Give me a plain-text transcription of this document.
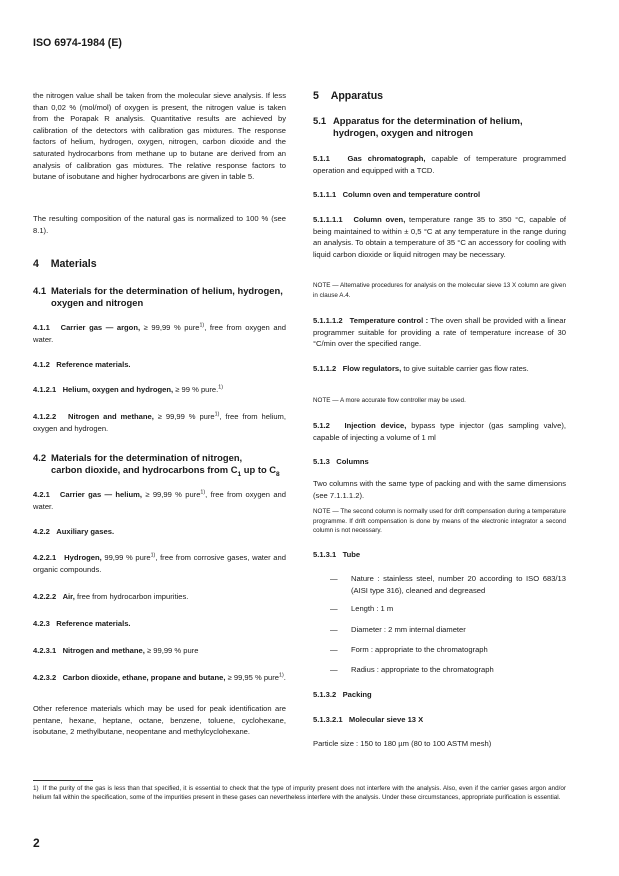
ISO 6974-1984 (E)

the nitrogen value shall be taken from the molecular sieve analysis. If less than 0,02 % (mol/mol) of oxygen is present, the nitrogen value is taken from the Porapak R analysis. Quantitative results are achieved by calibration of the detectors with calibration gas mixtures. The response factors of helium, hydrogen, oxygen, nitrogen, carbon dioxide and the saturated hydrocarbons from methane up to butane are derived from an analysis of calibration gas mixtures. The relative response factors to butane of isobutane and higher hydrocarbons are given in table 5.

The resulting composition of the natural gas is normalized to 100 % (see 8.1).

4 Materials
4.1 Materials for the determination of helium, hydrogen, oxygen and nitrogen

4.1.1 Carrier gas — argon, ≥ 99,99 % pure$^{1)}$, free from oxygen and water.

4.1.2 Reference materials.

4.1.2.1 Helium, oxygen and hydrogen, ≥ 99 % pure.$^{1)}$

4.1.2.2 Nitrogen and methane, ≥ 99,99 % pure$^{1)}$, free from helium, oxygen and hydrogen.

4.2 Materials for the determination of nitrogen,
carbon dioxide, and hydrocarbons from $C_1$ up to $C_8$

4.2.1 Carrier gas — helium, ≥ 99,99 % pure$^{1)}$, free from oxygen and water.

4.2.2 Auxiliary gases.

4.2.2.1 Hydrogen, 99,99 % pure$^{1)}$, free from corrosive gases, water and organic compounds.

4.2.2.2 Air, free from hydrocarbon impurities.

4.2.3 Reference materials.

4.2.3.1 Nitrogen and methane, ≥ 99,99 % pure

4.2.3.2 Carbon dioxide, ethane, propane and butane, ≥ 99,95 % pure$^{1)}$.

Other reference materials which may be used for peak identification are pentane, hexane, heptane, octane, benzene, toluene, cyclohexane, isobutane, 2 methylbutane, neopentane and methylcyclohexane.

5 Apparatus
5.1 Apparatus for the determination of helium, hydrogen, oxygen and nitrogen

5.1.1 Gas chromatograph, capable of temperature programmed operation and equipped with a TCD.

5.1.1.1 Column oven and temperature control

5.1.1.1.1 Column oven, temperature range 35 to 350 °C, capable of being maintained to within ± 0,5 °C at any temperature in the range during an analysis. To obtain a temperature of 35 °C an accessory for cooling with liquid carbon dioxide or liquid nitrogen may be necessary.

NOTE — Alternative procedures for analysis on the molecular sieve 13 X column are given in clause A.4.

5.1.1.1.2 Temperature control : The oven shall be provided with a linear programmer suitable for providing a rate of temperature increase of 30 °C/min over the specified range.

5.1.1.2 Flow regulators, to give suitable carrier gas flow rates.

NOTE — A more accurate flow controller may be used.

5.1.2 Injection device, bypass type injector (gas sampling valve), capable of injecting a volume of 1 ml

5.1.3 Columns

Two columns with the same type of packing and with the same dimensions (see 7.1.1.1.2).

NOTE — The second column is normally used for drift compensation during a temperature programme. If drift compensation is done by means of the electronic integrator a second column is not necessary.

5.1.3.1 Tube

— Nature : stainless steel, number 20 according to ISO 683/13 (AISI type 316), cleaned and degreased
— Length : 1 m
— Diameter : 2 mm internal diameter
— Form : appropriate to the chromatograph
— Radius : appropriate to the chromatograph

5.1.3.2 Packing

5.1.3.2.1 Molecular sieve 13 X

Particle size : 150 to 180 µm (80 to 100 ASTM mesh)

1) If the purity of the gas is less than that specified, it is essential to check that the type of impurity present does not interfere with the analysis. Also, even if the carrier gases argon and/or helium fall within the specification, some of the impurities present in these gases can nevertheless interfere with the analysis. Under these circumstances, appropriate purification is essential.

2
